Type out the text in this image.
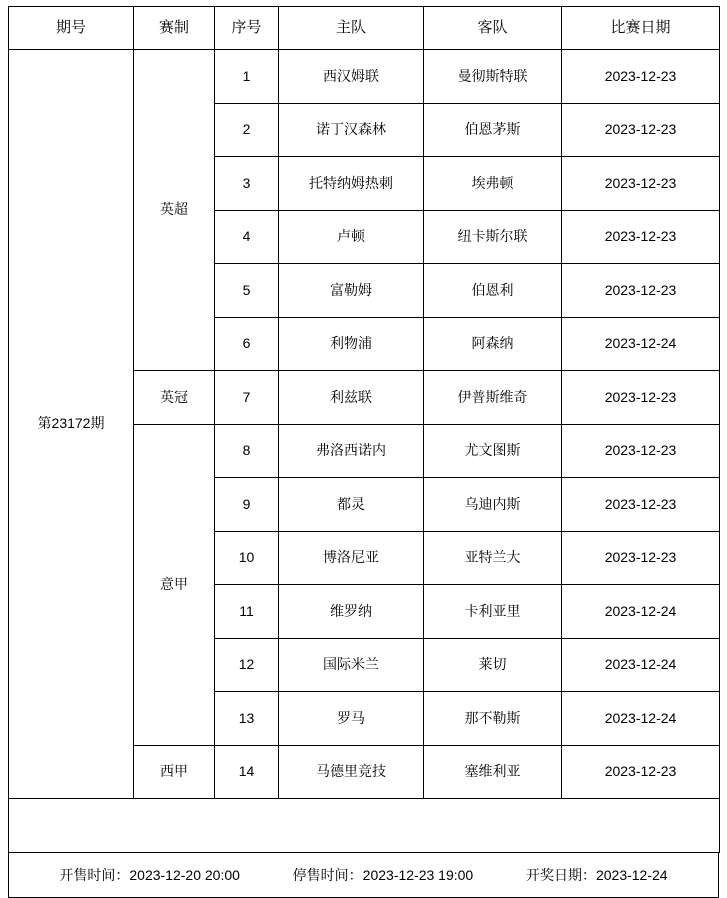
期号	赛制	序号	主队	客队	比赛日期
第23172期	英超	1	西汉姆联	曼彻斯特联	2023-12-23
		2	诺丁汉森林	伯恩茅斯	2023-12-23
		3	托特纳姆热刺	埃弗顿	2023-12-23
		4	卢顿	纽卡斯尔联	2023-12-23
		5	富勒姆	伯恩利	2023-12-23
		6	利物浦	阿森纳	2023-12-24
	英冠	7	利兹联	伊普斯维奇	2023-12-23
	意甲	8	弗洛西诺内	尤文图斯	2023-12-23
		9	都灵	乌迪内斯	2023-12-23
		10	博洛尼亚	亚特兰大	2023-12-23
		11	维罗纳	卡利亚里	2023-12-24
		12	国际米兰	莱切	2023-12-24
		13	罗马	那不勒斯	2023-12-24
	西甲	14	马德里竞技	塞维利亚	2023-12-23

开售时间：2023-12-20 20:00	停售时间：2023-12-23 19:00	开奖日期：2023-12-24
